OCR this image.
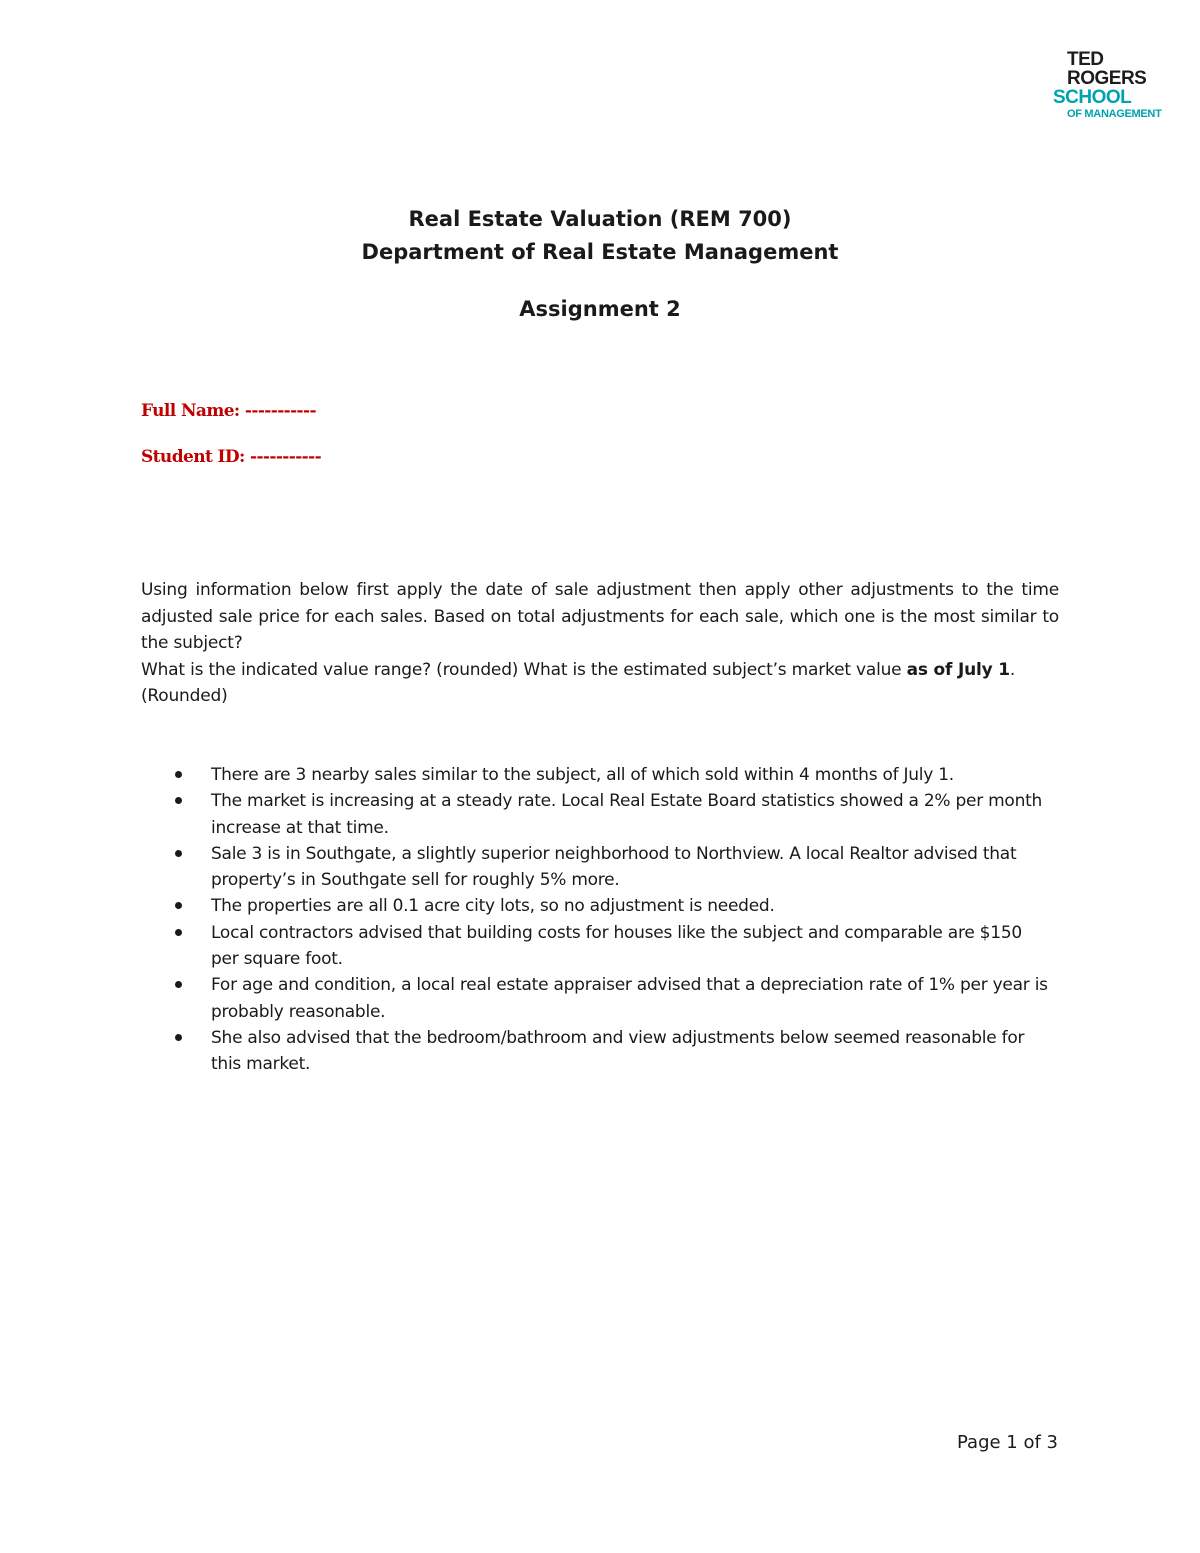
TED
ROGERS
SCHOOL
OF MANAGEMENT
Real Estate Valuation (REM 700)
Department of Real Estate Management
Assignment 2
Full Name: -----------
Student ID: -----------

Using information below first apply the date of sale adjustment then apply other adjustments to the time adjusted sale price for each sales. Based on total adjustments for each sale, which one is the most similar to the subject?

What is the indicated value range? (rounded) What is the estimated subject’s market value as of July 1.

(Rounded)

There are 3 nearby sales similar to the subject, all of which sold within 4 months of July 1.
The market is increasing at a steady rate. Local Real Estate Board statistics showed a 2% per month increase at that time.
Sale 3 is in Southgate, a slightly superior neighborhood to Northview. A local Realtor advised that property’s in Southgate sell for roughly 5% more.
The properties are all 0.1 acre city lots, so no adjustment is needed.
Local contractors advised that building costs for houses like the subject and comparable are $150 per square foot.
For age and condition, a local real estate appraiser advised that a depreciation rate of 1% per year is probably reasonable.
She also advised that the bedroom/bathroom and view adjustments below seemed reasonable for this market.
Page 1 of 3
